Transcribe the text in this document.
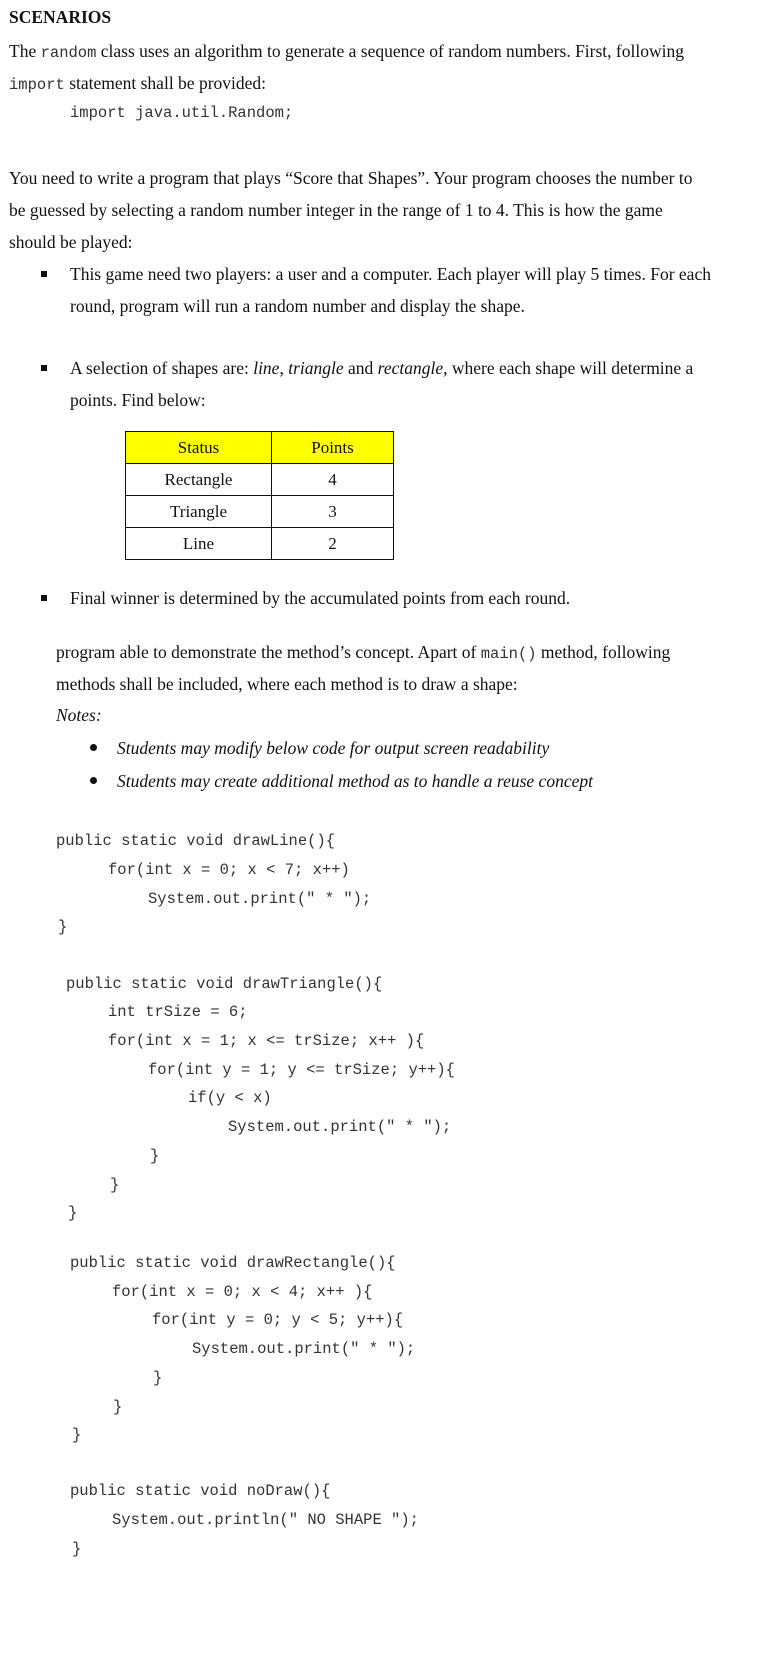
SCENARIOS
The random class uses an algorithm to generate a sequence of random numbers. First, following
import statement shall be provided:
import java.util.Random;
You need to write a program that plays “Score that Shapes”. Your program chooses the number to
be guessed by selecting a random number integer in the range of 1 to 4. This is how the game
should be played:
This game need two players: a user and a computer. Each player will play 5 times. For each
round, program will run a random number and display the shape.
A selection of shapes are: line, triangle and rectangle, where each shape will determine a
points. Find below:
Status	Points
Rectangle	4
Triangle	3
Line	2
Final winner is determined by the accumulated points from each round.
program able to demonstrate the method’s concept. Apart of main() method, following
methods shall be included, where each method is to draw a shape:
Notes:
Students may modify below code for output screen readability
Students may create additional method as to handle a reuse concept
public static void drawLine(){
for(int x = 0; x < 7; x++)
System.out.print(" * ");
}
public static void drawTriangle(){
int trSize = 6;
for(int x = 1; x <= trSize; x++ ){
for(int y = 1; y <= trSize; y++){
if(y < x)
System.out.print(" * ");
}
}
}
public static void drawRectangle(){
for(int x = 0; x < 4; x++ ){
for(int y = 0; y < 5; y++){
System.out.print(" * ");
}
}
}
public static void noDraw(){
System.out.println(" NO SHAPE ");
}
